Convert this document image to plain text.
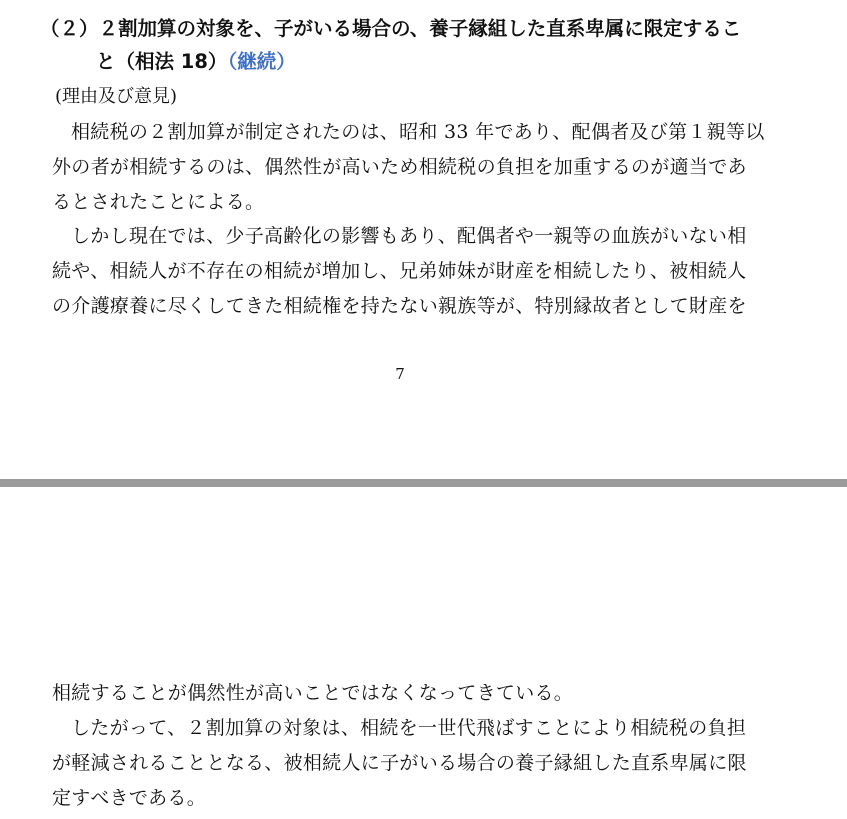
（２）２割加算の対象を、子がいる場合の、養子縁組した直系卑属に限定するこ
と（相法 18）（継続）

(理由及び意見)

相続税の２割加算が制定されたのは、昭和 33 年であり、配偶者及び第１親等以
外の者が相続するのは、偶然性が高いため相続税の負担を加重するのが適当であ
るとされたことによる。

しかし現在では、少子高齢化の影響もあり、配偶者や一親等の血族がいない相
続や、相続人が不存在の相続が増加し、兄弟姉妹が財産を相続したり、被相続人
の介護療養に尽くしてきた相続権を持たない親族等が、特別縁故者として財産を

7

相続することが偶然性が高いことではなくなってきている。

したがって、２割加算の対象は、相続を一世代飛ばすことにより相続税の負担
が軽減されることとなる、被相続人に子がいる場合の養子縁組した直系卑属に限
定すべきである。
